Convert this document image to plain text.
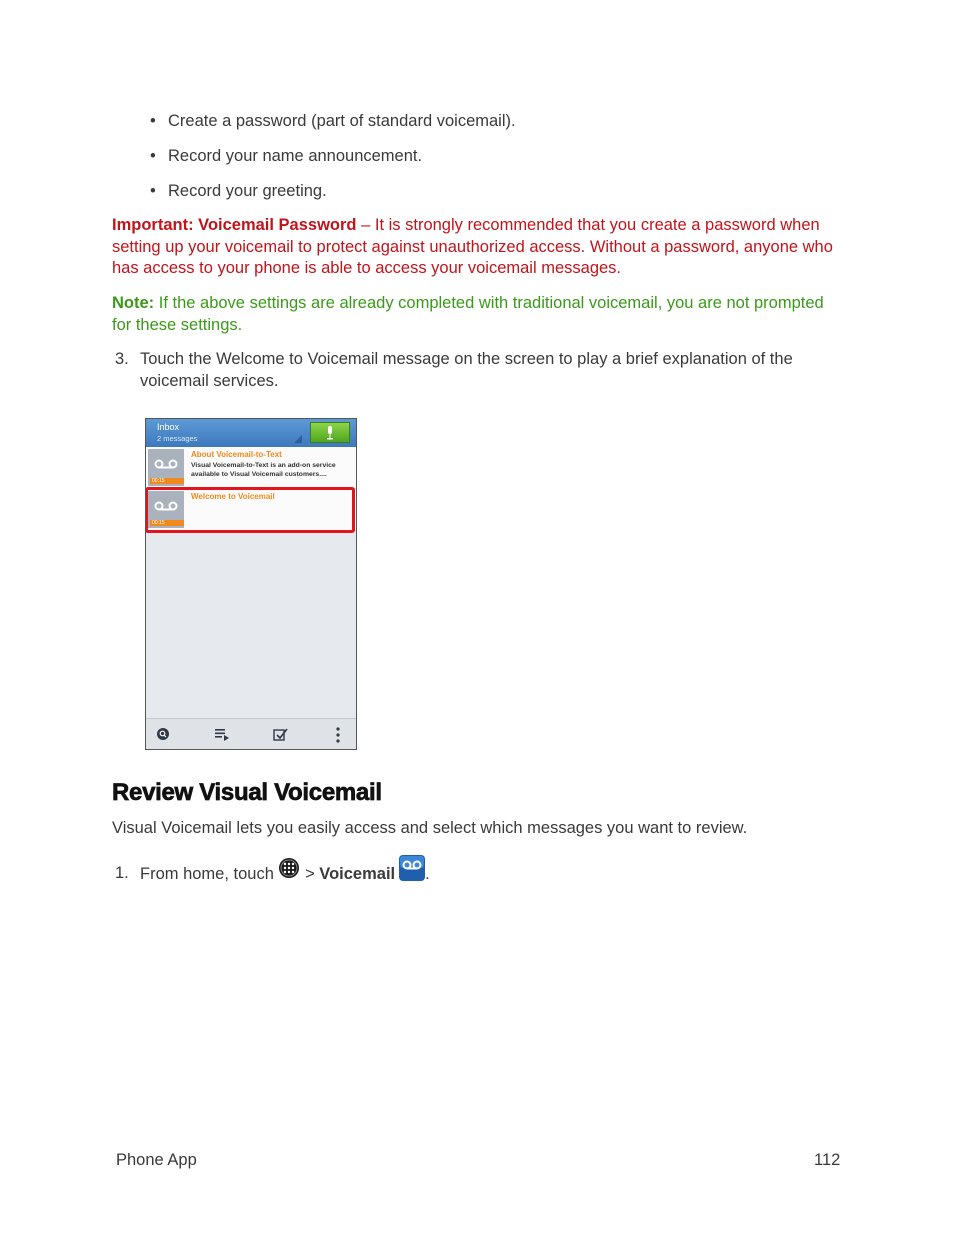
• Create a password (part of standard voicemail).
• Record your name announcement.
• Record your greeting.
Important: Voicemail Password – It is strongly recommended that you create a password when setting up your voicemail to protect against unauthorized access. Without a password, anyone who has access to your phone is able to access your voicemail messages.
Note: If the above settings are already completed with traditional voicemail, you are not prompted for these settings.
3. Touch the Welcome to Voicemail message on the screen to play a brief explanation of the voicemail services.
Inbox
2 messages
00:15
About Voicemail-to-Text
Visual Voicemail-to-Text is an add-on service available to Visual Voicemail customers....
00:15
Welcome to Voicemail
Review Visual Voicemail
Visual Voicemail lets you easily access and select which messages you want to review.
1. From home, touch  > Voicemail .
Phone App	112
